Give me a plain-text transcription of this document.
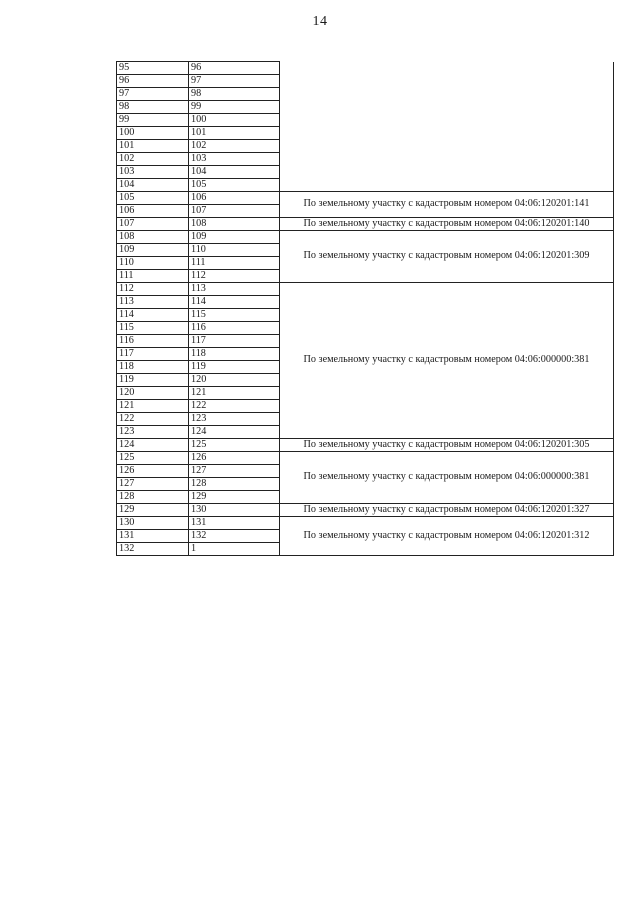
14
95	96	
96	97	
97	98	
98	99	
99	100	
100	101	
101	102	
102	103	
103	104	
104	105	
105	106	По земельному участку с кадастровым номером 04:06:120201:141
106	107	
107	108	По земельному участку с кадастровым номером 04:06:120201:140
108	109	По земельному участку с кадастровым номером 04:06:120201:309
109	110	
110	111	
111	112	
112	113	По земельному участку с кадастровым номером 04:06:000000:381
113	114	
114	115	
115	116	
116	117	
117	118	
118	119	
119	120	
120	121	
121	122	
122	123	
123	124	
124	125	По земельному участку с кадастровым номером 04:06:120201:305
125	126	По земельному участку с кадастровым номером 04:06:000000:381
126	127	
127	128	
128	129	
129	130	По земельному участку с кадастровым номером 04:06:120201:327
130	131	По земельному участку с кадастровым номером 04:06:120201:312
131	132	
132	1	
